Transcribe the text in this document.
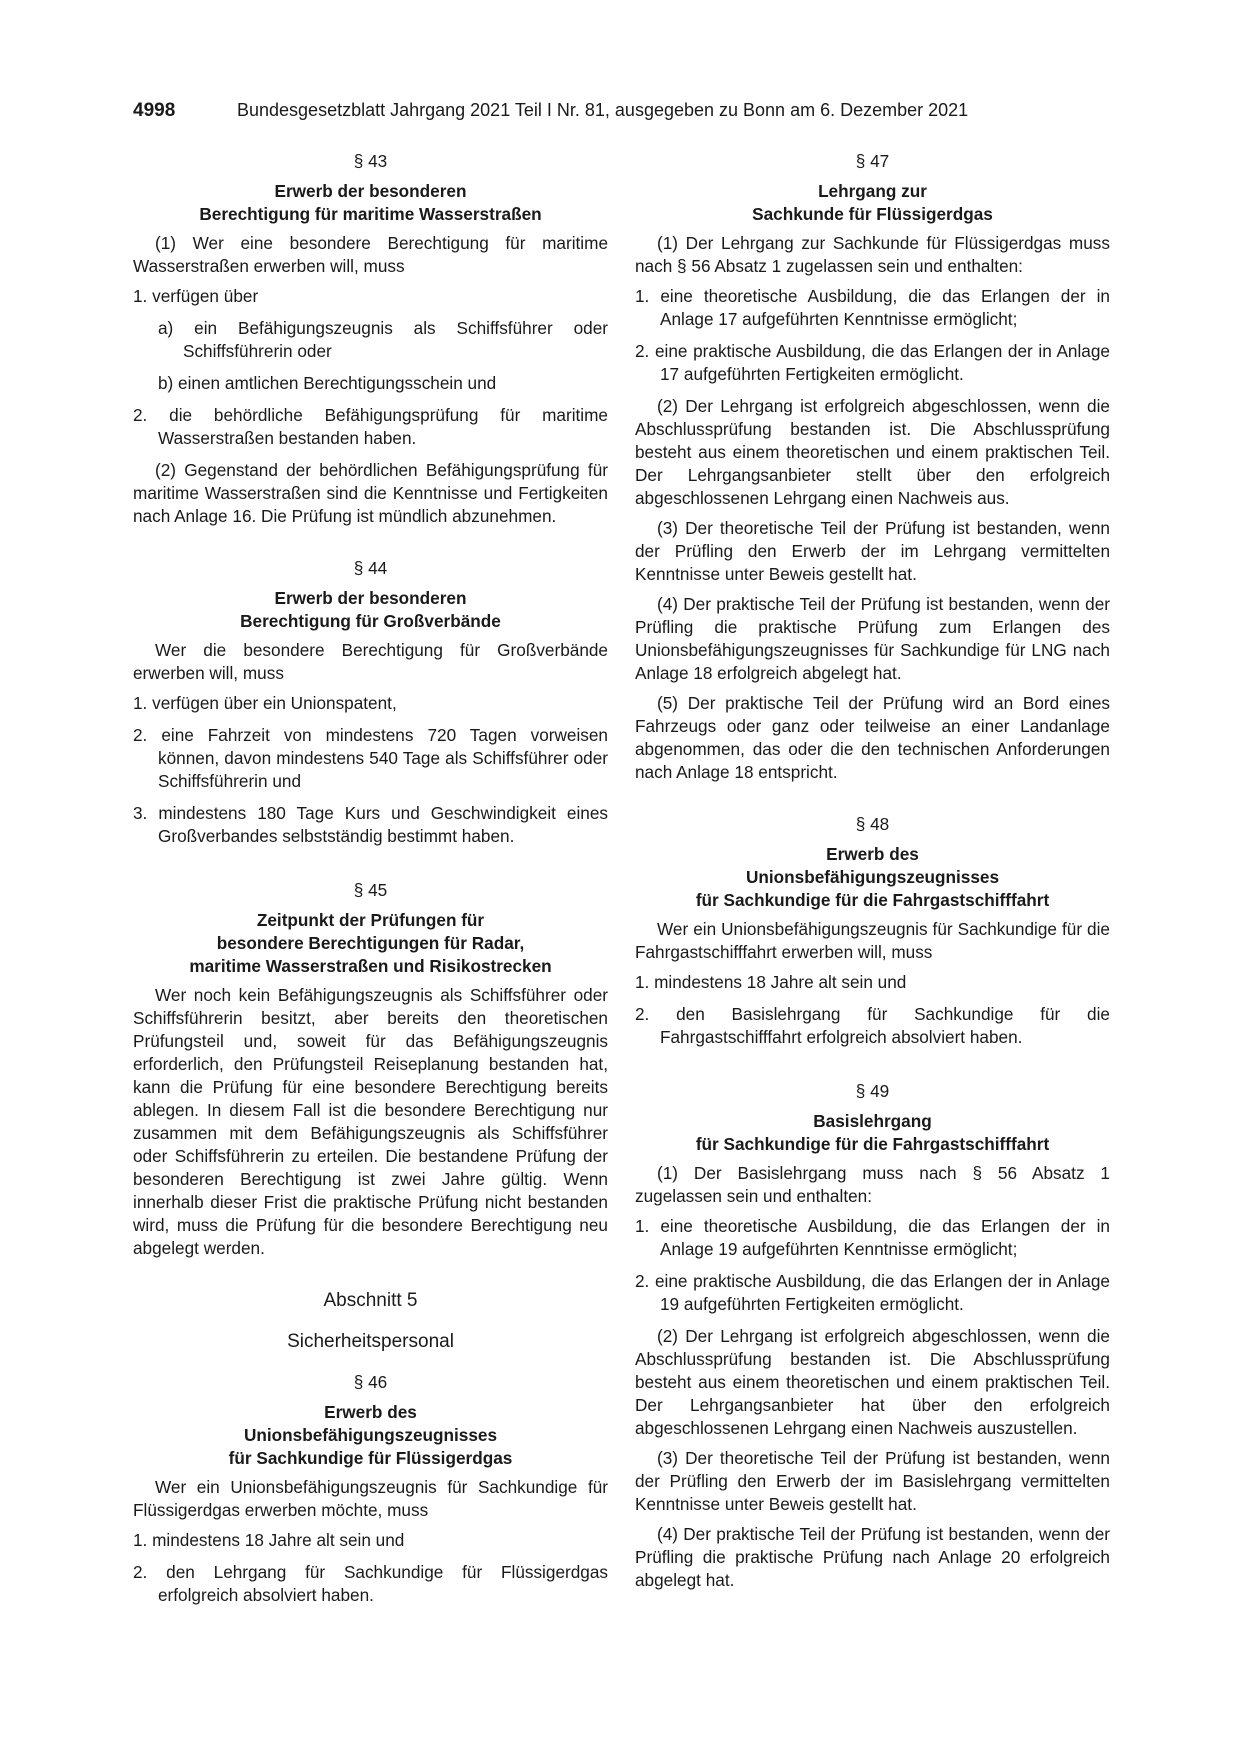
4998	Bundesgesetzblatt Jahrgang 2021 Teil I Nr. 81, ausgegeben zu Bonn am 6. Dezember 2021
§ 43
Erwerb der besonderen
Berechtigung für maritime Wasserstraßen
(1) Wer eine besondere Berechtigung für maritime Wasserstraßen erwerben will, muss
1. verfügen über
a) ein Befähigungszeugnis als Schiffsführer oder Schiffsführerin oder
b) einen amtlichen Berechtigungsschein und
2. die behördliche Befähigungsprüfung für maritime Wasserstraßen bestanden haben.
(2) Gegenstand der behördlichen Befähigungsprüfung für maritime Wasserstraßen sind die Kenntnisse und Fertigkeiten nach Anlage 16. Die Prüfung ist mündlich abzunehmen.
§ 44
Erwerb der besonderen
Berechtigung für Großverbände
Wer die besondere Berechtigung für Großverbände erwerben will, muss
1. verfügen über ein Unionspatent,
2. eine Fahrzeit von mindestens 720 Tagen vorweisen können, davon mindestens 540 Tage als Schiffsführer oder Schiffsführerin und
3. mindestens 180 Tage Kurs und Geschwindigkeit eines Großverbandes selbstständig bestimmt haben.
§ 45
Zeitpunkt der Prüfungen für
besondere Berechtigungen für Radar,
maritime Wasserstraßen und Risikostrecken
Wer noch kein Befähigungszeugnis als Schiffsführer oder Schiffsführerin besitzt, aber bereits den theoretischen Prüfungsteil und, soweit für das Befähigungszeugnis erforderlich, den Prüfungsteil Reiseplanung bestanden hat, kann die Prüfung für eine besondere Berechtigung bereits ablegen. In diesem Fall ist die besondere Berechtigung nur zusammen mit dem Befähigungszeugnis als Schiffsführer oder Schiffsführerin zu erteilen. Die bestandene Prüfung der besonderen Berechtigung ist zwei Jahre gültig. Wenn innerhalb dieser Frist die praktische Prüfung nicht bestanden wird, muss die Prüfung für die besondere Berechtigung neu abgelegt werden.
Abschnitt 5
Sicherheitspersonal
§ 46
Erwerb des
Unionsbefähigungszeugnisses
für Sachkundige für Flüssigerdgas
Wer ein Unionsbefähigungszeugnis für Sachkundige für Flüssigerdgas erwerben möchte, muss
1. mindestens 18 Jahre alt sein und
2. den Lehrgang für Sachkundige für Flüssigerdgas erfolgreich absolviert haben.
§ 47
Lehrgang zur
Sachkunde für Flüssigerdgas
(1) Der Lehrgang zur Sachkunde für Flüssigerdgas muss nach § 56 Absatz 1 zugelassen sein und enthalten:
1. eine theoretische Ausbildung, die das Erlangen der in Anlage 17 aufgeführten Kenntnisse ermöglicht;
2. eine praktische Ausbildung, die das Erlangen der in Anlage 17 aufgeführten Fertigkeiten ermöglicht.
(2) Der Lehrgang ist erfolgreich abgeschlossen, wenn die Abschlussprüfung bestanden ist. Die Abschlussprüfung besteht aus einem theoretischen und einem praktischen Teil. Der Lehrgangsanbieter stellt über den erfolgreich abgeschlossenen Lehrgang einen Nachweis aus.
(3) Der theoretische Teil der Prüfung ist bestanden, wenn der Prüfling den Erwerb der im Lehrgang vermittelten Kenntnisse unter Beweis gestellt hat.
(4) Der praktische Teil der Prüfung ist bestanden, wenn der Prüfling die praktische Prüfung zum Erlangen des Unionsbefähigungszeugnisses für Sachkundige für LNG nach Anlage 18 erfolgreich abgelegt hat.
(5) Der praktische Teil der Prüfung wird an Bord eines Fahrzeugs oder ganz oder teilweise an einer Landanlage abgenommen, das oder die den technischen Anforderungen nach Anlage 18 entspricht.
§ 48
Erwerb des
Unionsbefähigungszeugnisses
für Sachkundige für die Fahrgastschifffahrt
Wer ein Unionsbefähigungszeugnis für Sachkundige für die Fahrgastschifffahrt erwerben will, muss
1. mindestens 18 Jahre alt sein und
2. den Basislehrgang für Sachkundige für die Fahrgastschifffahrt erfolgreich absolviert haben.
§ 49
Basislehrgang
für Sachkundige für die Fahrgastschifffahrt
(1) Der Basislehrgang muss nach § 56 Absatz 1 zugelassen sein und enthalten:
1. eine theoretische Ausbildung, die das Erlangen der in Anlage 19 aufgeführten Kenntnisse ermöglicht;
2. eine praktische Ausbildung, die das Erlangen der in Anlage 19 aufgeführten Fertigkeiten ermöglicht.
(2) Der Lehrgang ist erfolgreich abgeschlossen, wenn die Abschlussprüfung bestanden ist. Die Abschlussprüfung besteht aus einem theoretischen und einem praktischen Teil. Der Lehrgangsanbieter hat über den erfolgreich abgeschlossenen Lehrgang einen Nachweis auszustellen.
(3) Der theoretische Teil der Prüfung ist bestanden, wenn der Prüfling den Erwerb der im Basislehrgang vermittelten Kenntnisse unter Beweis gestellt hat.
(4) Der praktische Teil der Prüfung ist bestanden, wenn der Prüfling die praktische Prüfung nach Anlage 20 erfolgreich abgelegt hat.
